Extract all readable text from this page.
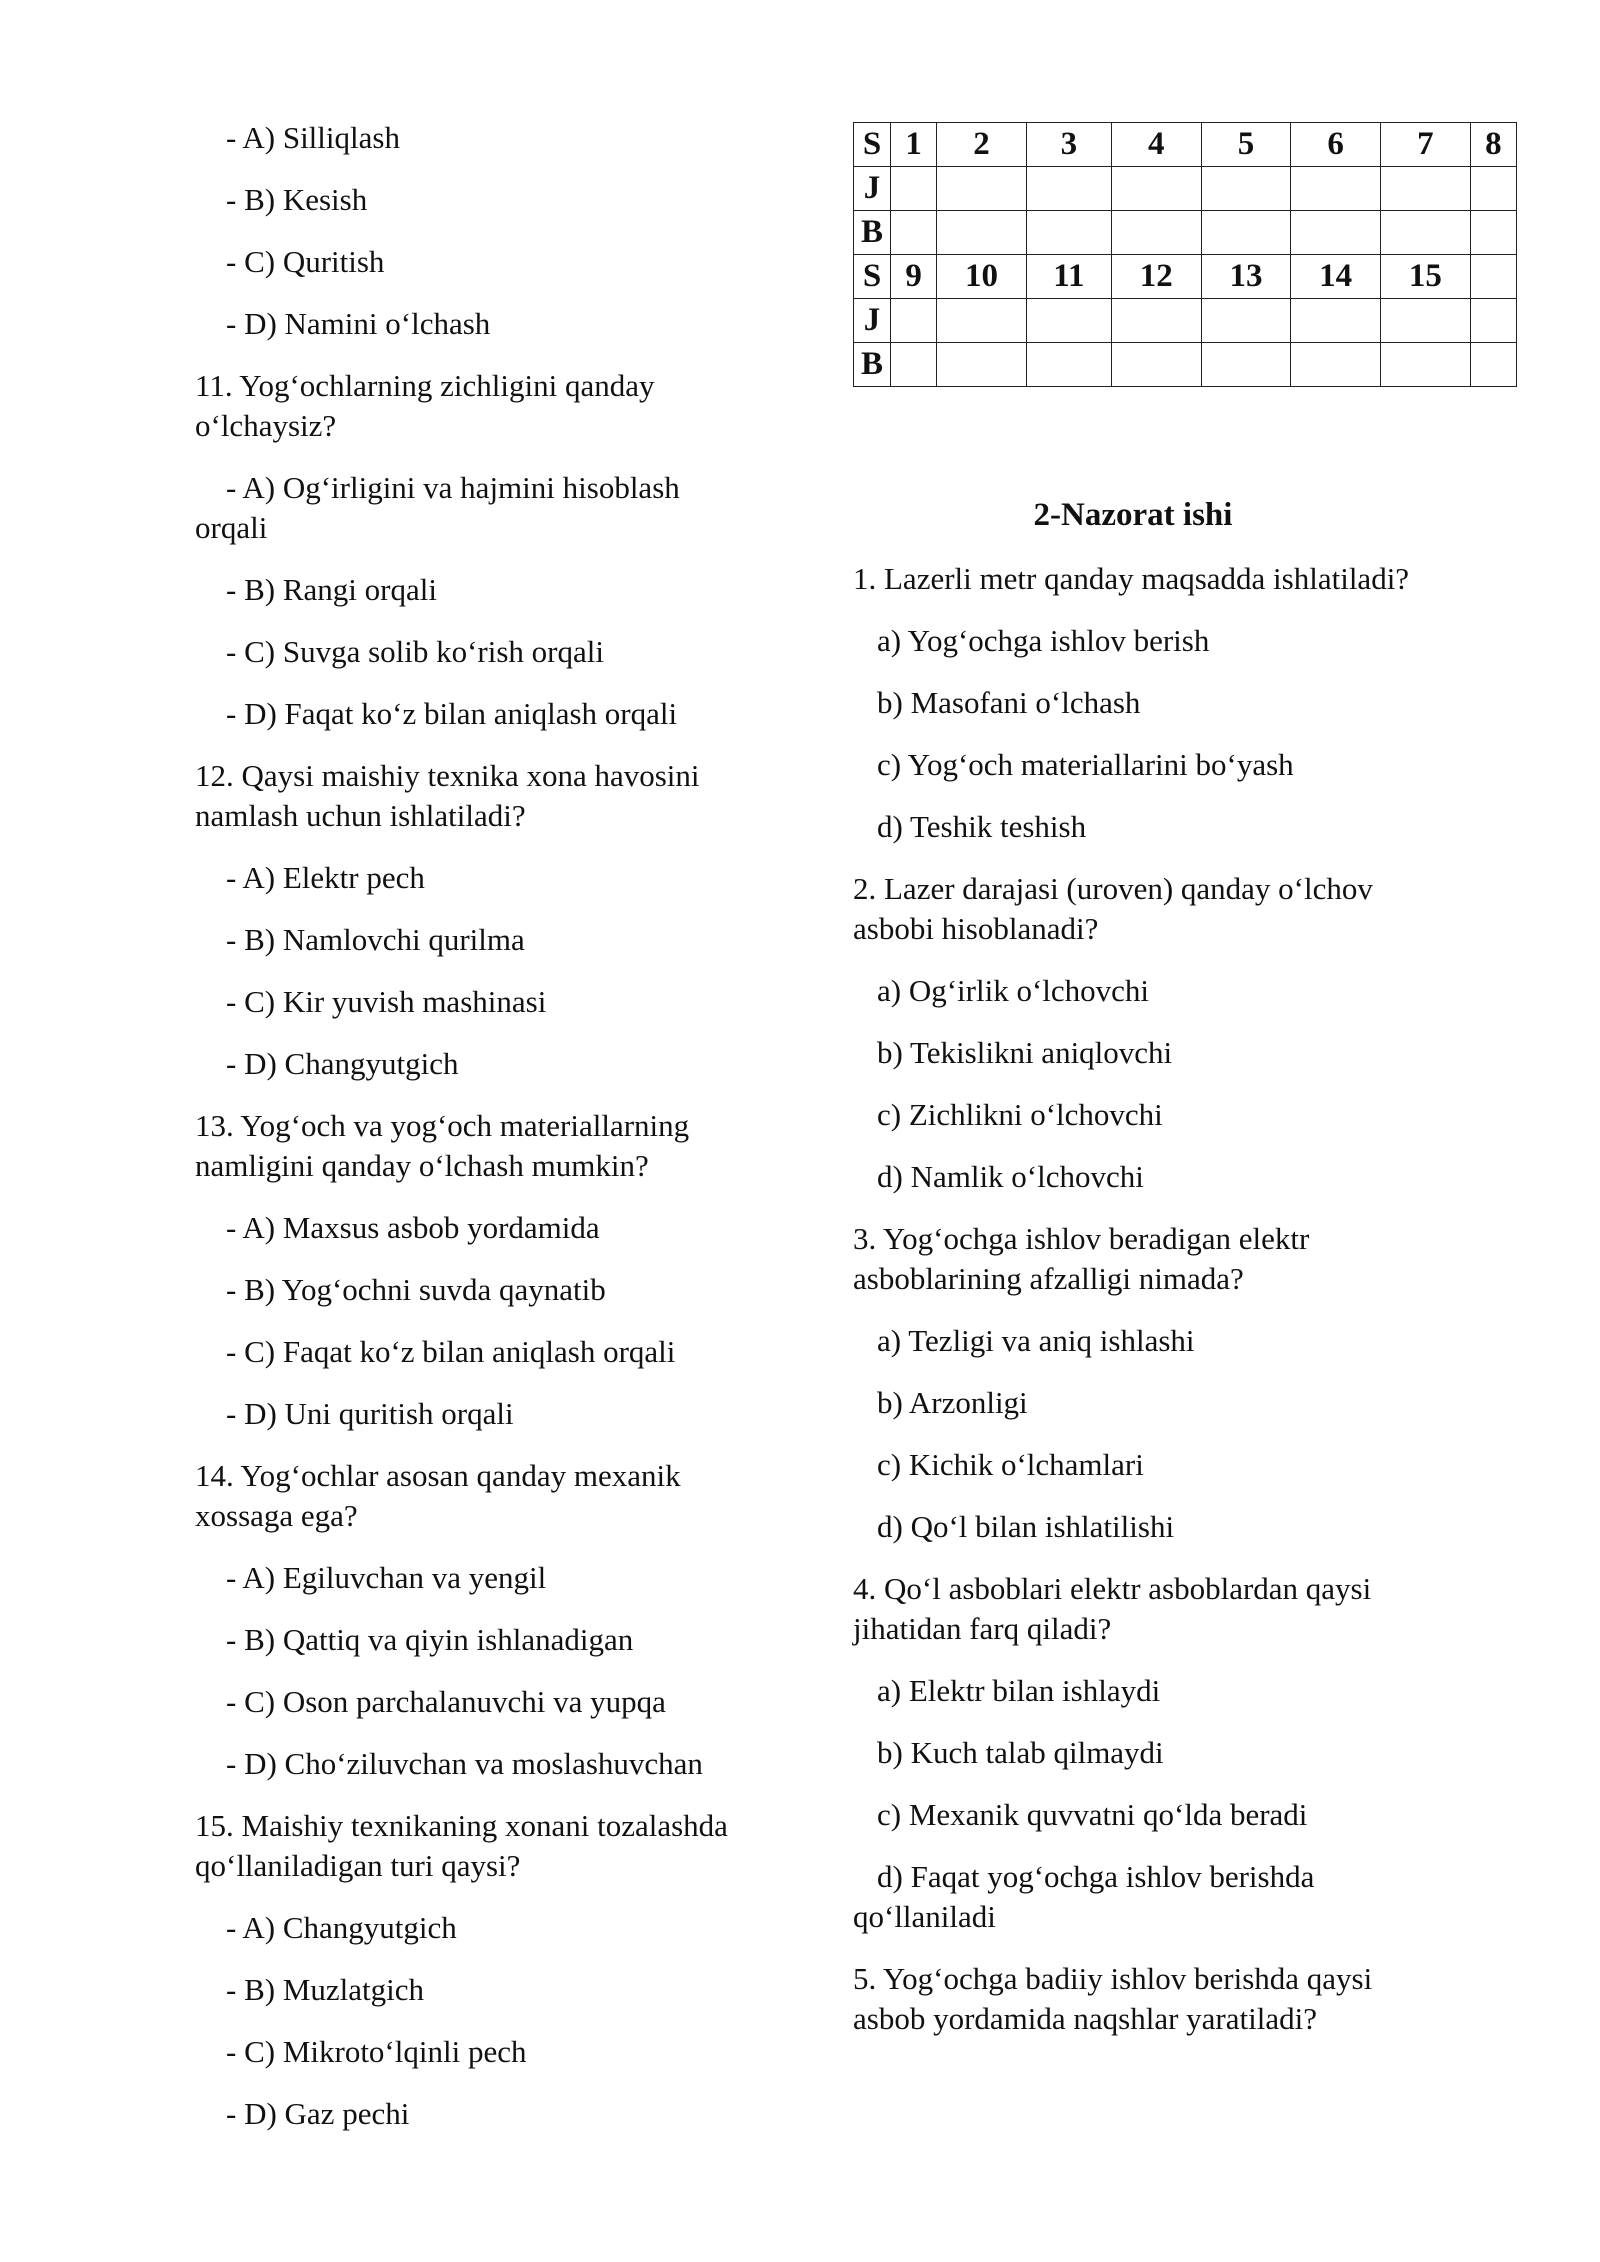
- A) Silliqlash
- B) Kesish
- C) Quritish
- D) Namini o‘lchash
11. Yog‘ochlarning zichligini qanday o‘lchaysiz?
- A) Og‘irligini va hajmini hisoblash orqali
- B) Rangi orqali
- C) Suvga solib ko‘rish orqali
- D) Faqat ko‘z bilan aniqlash orqali
12. Qaysi maishiy texnika xona havosini namlash uchun ishlatiladi?
- A) Elektr pech
- B) Namlovchi qurilma
- C) Kir yuvish mashinasi
- D) Changyutgich
13. Yog‘och va yog‘och materiallarning namligini qanday o‘lchash mumkin?
- A) Maxsus asbob yordamida
- B) Yog‘ochni suvda qaynatib
- C) Faqat ko‘z bilan aniqlash orqali
- D) Uni quritish orqali
14. Yog‘ochlar asosan qanday mexanik xossaga ega?
- A) Egiluvchan va yengil
- B) Qattiq va qiyin ishlanadigan
- C) Oson parchalanuvchi va yupqa
- D) Cho‘ziluvchan va moslashuvchan
15. Maishiy texnikaning xonani tozalashda qo‘llaniladigan turi qaysi?
- A) Changyutgich
- B) Muzlatgich
- C) Mikroto‘lqinli pech
- D) Gaz pechi
S	1	2	3	4	5	6	7	8
J								
B								
S	9	10	11	12	13	14	15	
J								
B								
2-Nazorat ishi
1. Lazerli metr qanday maqsadda ishlatiladi?
a) Yog‘ochga ishlov berish
b) Masofani o‘lchash
c) Yog‘och materiallarini bo‘yash
d) Teshik teshish
2. Lazer darajasi (uroven) qanday o‘lchov asbobi hisoblanadi?
a) Og‘irlik o‘lchovchi
b) Tekislikni aniqlovchi
c) Zichlikni o‘lchovchi
d) Namlik o‘lchovchi
3. Yog‘ochga ishlov beradigan elektr asboblarining afzalligi nimada?
a) Tezligi va aniq ishlashi
b) Arzonligi
c) Kichik o‘lchamlari
d) Qo‘l bilan ishlatilishi
4. Qo‘l asboblari elektr asboblardan qaysi jihatidan farq qiladi?
a) Elektr bilan ishlaydi
b) Kuch talab qilmaydi
c) Mexanik quvvatni qo‘lda beradi
d) Faqat yog‘ochga ishlov berishda qo‘llaniladi
5. Yog‘ochga badiiy ishlov berishda qaysi asbob yordamida naqshlar yaratiladi?
